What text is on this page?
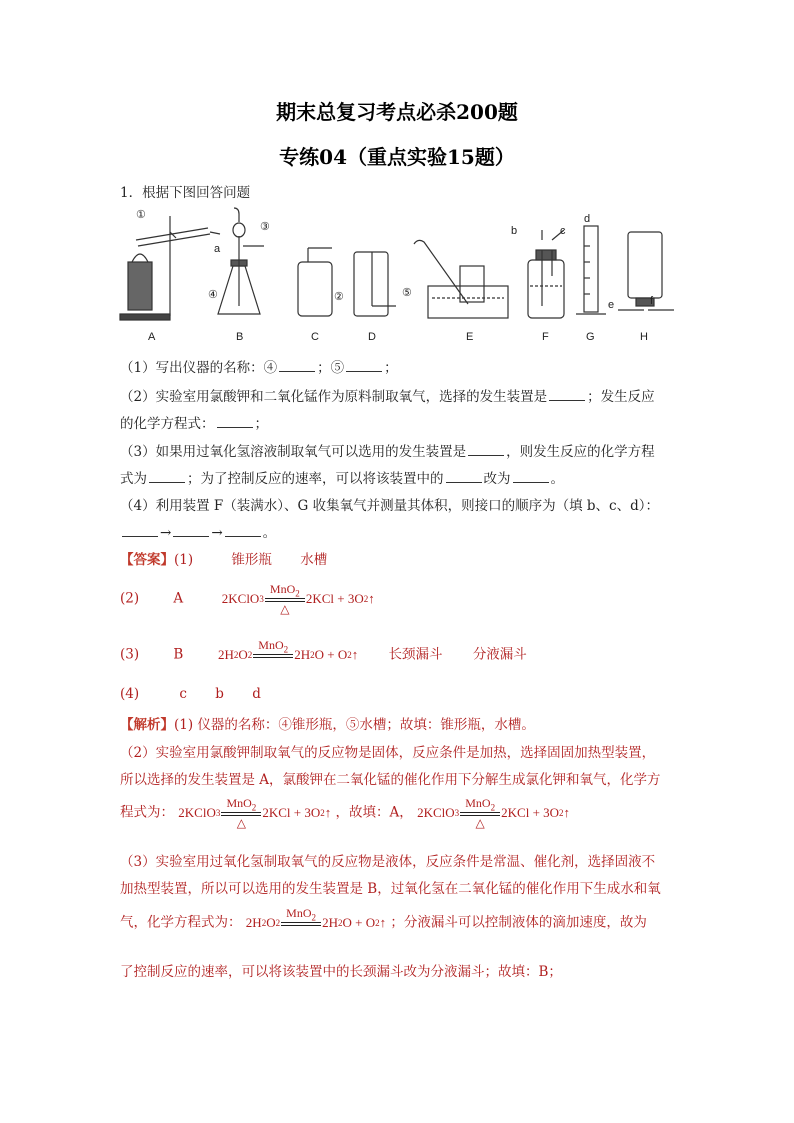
期末总复习考点必杀200题
专练04（重点实验15题）
1．根据下图回答问题
A	B	C	D	E	F	G	H
①
②
③
④	⑤
a
b	c
d
e	f
（1）写出仪器的名称：④	；⑤	；
（2）实验室用氯酸钾和二氧化锰作为原料制取氧气，选择的发生装置是	；发生反应
的化学方程式：	；
（3）如果用过氧化氢溶液制取氧气可以选用的发生装置是	，则发生反应的化学方程
式为	；为了控制反应的速率，可以将该装置中的	改为	。
（4）利用装置 F（装满水）、G 收集氧气并测量其体积，则接口的顺序为（填 b、c、d）：
→	→	。
【答案】(1)	锥形瓶 水槽
(2)	A	2KClO 3
MnO$_2$
△
2KCl + 3O 2 ↑
(3)	B	2H 2 O 2
MnO$_2$ 2H 2 O + O 2 ↑ 长颈漏斗 分液漏斗
(4)	c b d
【解析】(1) 仪器的名称：④锥形瓶，⑤水槽；故填：锥形瓶，水槽。
（2）实验室用氯酸钾制取氧气的反应物是固体，反应条件是加热，选择固固加热型装置，
所以选择的发生装置是 A，氯酸钾在二氧化锰的催化作用下分解生成氯化钾和氧气，化学方
程式为： 2KClO 3
MnO$_2$
△
2KCl + 3O 2 ↑ ，故填：A， 2KClO 3
MnO$_2$
△
2KCl + 3O 2 ↑
（3）实验室用过氧化氢制取氧气的反应物是液体，反应条件是常温、催化剂，选择固液不
加热型装置，所以可以选用的发生装置是 B，过氧化氢在二氧化锰的催化作用下生成水和氧
气，化学方程式为： 2H 2 O 2
MnO$_2$ 2H 2 O + O 2 ↑ ；分液漏斗可以控制液体的滴加速度，故为
了控制反应的速率，可以将该装置中的长颈漏斗改为分液漏斗；故填：B；
